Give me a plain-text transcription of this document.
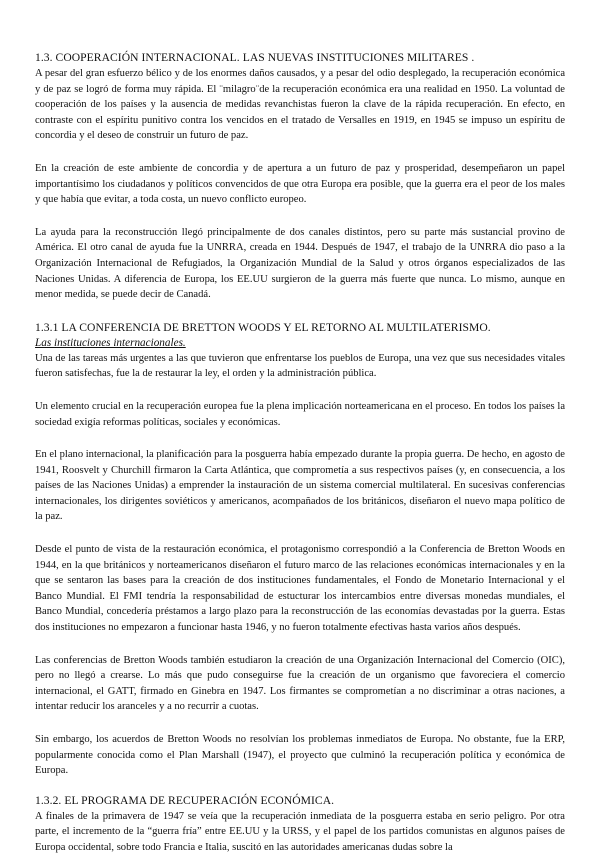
1.3. COOPERACIÓN INTERNACIONAL. LAS NUEVAS INSTITUCIONES MILITARES .

A pesar del gran esfuerzo bélico y de los enormes daños causados, y a pesar del odio desplegado, la recuperación económica y de paz se logró de forma muy rápida. El ¨milagro¨de la recuperación económica era una realidad en 1950. La voluntad de cooperación de los países y la ausencia de medidas revanchistas fueron la clave de la rápida recuperación. En efecto, en contraste con el espíritu punitivo contra los vencidos en el tratado de Versalles en 1919, en 1945 se impuso un espíritu de concordia y el deseo de construir un futuro de paz.

En la creación de este ambiente de concordia y de apertura a un futuro de paz y prosperidad, desempeñaron un papel importantísimo los ciudadanos y políticos convencidos de que otra Europa era posible, que la guerra era el peor de los males y que había que evitar, a toda costa, un nuevo conflicto europeo.

La ayuda para la reconstrucción llegó principalmente de dos canales distintos, pero su parte más sustancial provino de América. El otro canal de ayuda fue la UNRRA, creada en 1944. Después de 1947, el trabajo de la UNRRA dio paso a la Organización Internacional de Refugiados, la Organización Mundial de la Salud y otros órganos especializados de las Naciones Unidas. A diferencia de Europa, los EE.UU surgieron de la guerra más fuerte que nunca. Lo mismo, aunque en menor medida, se puede decir de Canadá.

1.3.1 LA CONFERENCIA DE BRETTON WOODS Y EL RETORNO AL MULTILATERISMO.

Las instituciones internacionales.

Una de las tareas más urgentes a las que tuvieron que enfrentarse los pueblos de Europa, una vez que sus necesidades vitales fueron satisfechas, fue la de restaurar la ley, el orden y la administración pública.

Un elemento crucial en la recuperación europea fue la plena implicación norteamericana en el proceso. En todos los países la sociedad exigía reformas políticas, sociales y económicas.

En el plano internacional, la planificación para la posguerra había empezado durante la propia guerra. De hecho, en agosto de 1941, Roosvelt y Churchill firmaron la Carta Atlántica, que comprometía a sus respectivos países (y, en consecuencia, a los países de las Naciones Unidas) a emprender la instauración de un sistema comercial multilateral. En sucesivas conferencias internacionales, los dirigentes soviéticos y americanos, acompañados de los británicos, diseñaron el nuevo mapa político de la paz.

Desde el punto de vista de la restauración económica, el protagonismo correspondió a la Conferencia de Bretton Woods en 1944, en la que británicos y norteamericanos diseñaron el futuro marco de las relaciones económicas internacionales y en la que se sentaron las bases para la creación de dos instituciones fundamentales, el Fondo de Monetario Internacional y el Banco Mundial. El FMI tendría la responsabilidad de estucturar los intercambios entre diversas monedas mundiales, el Banco Mundial, concedería préstamos a largo plazo para la reconstrucción de las economías devastadas por la guerra. Estas dos instituciones no empezaron a funcionar hasta 1946, y no fueron totalmente efectivas hasta varios años después.

Las conferencias de Bretton Woods también estudiaron la creación de una Organización Internacional del Comercio (OIC), pero no llegó a crearse. Lo más que pudo conseguirse fue la creación de un organismo que favoreciera el comercio internacional, el GATT, firmado en Ginebra en 1947. Los firmantes se comprometían a no discriminar a otras naciones, a intentar reducir los aranceles y a no recurrir a cuotas.

Sin embargo, los acuerdos de Bretton Woods no resolvían los problemas inmediatos de Europa. No obstante, fue la ERP, popularmente conocida como el Plan Marshall (1947), el proyecto que culminó la recuperación política y económica de Europa.

1.3.2. EL PROGRAMA DE RECUPERACIÓN ECONÓMICA.

A finales de la primavera de 1947 se veía que la recuperación inmediata de la posguerra estaba en serio peligro. Por otra parte, el incremento de la “guerra fría” entre EE.UU y la URSS, y el papel de los partidos comunistas en algunos países de Europa occidental, sobre todo Francia e Italia, suscitó en las autoridades americanas dudas sobre la
